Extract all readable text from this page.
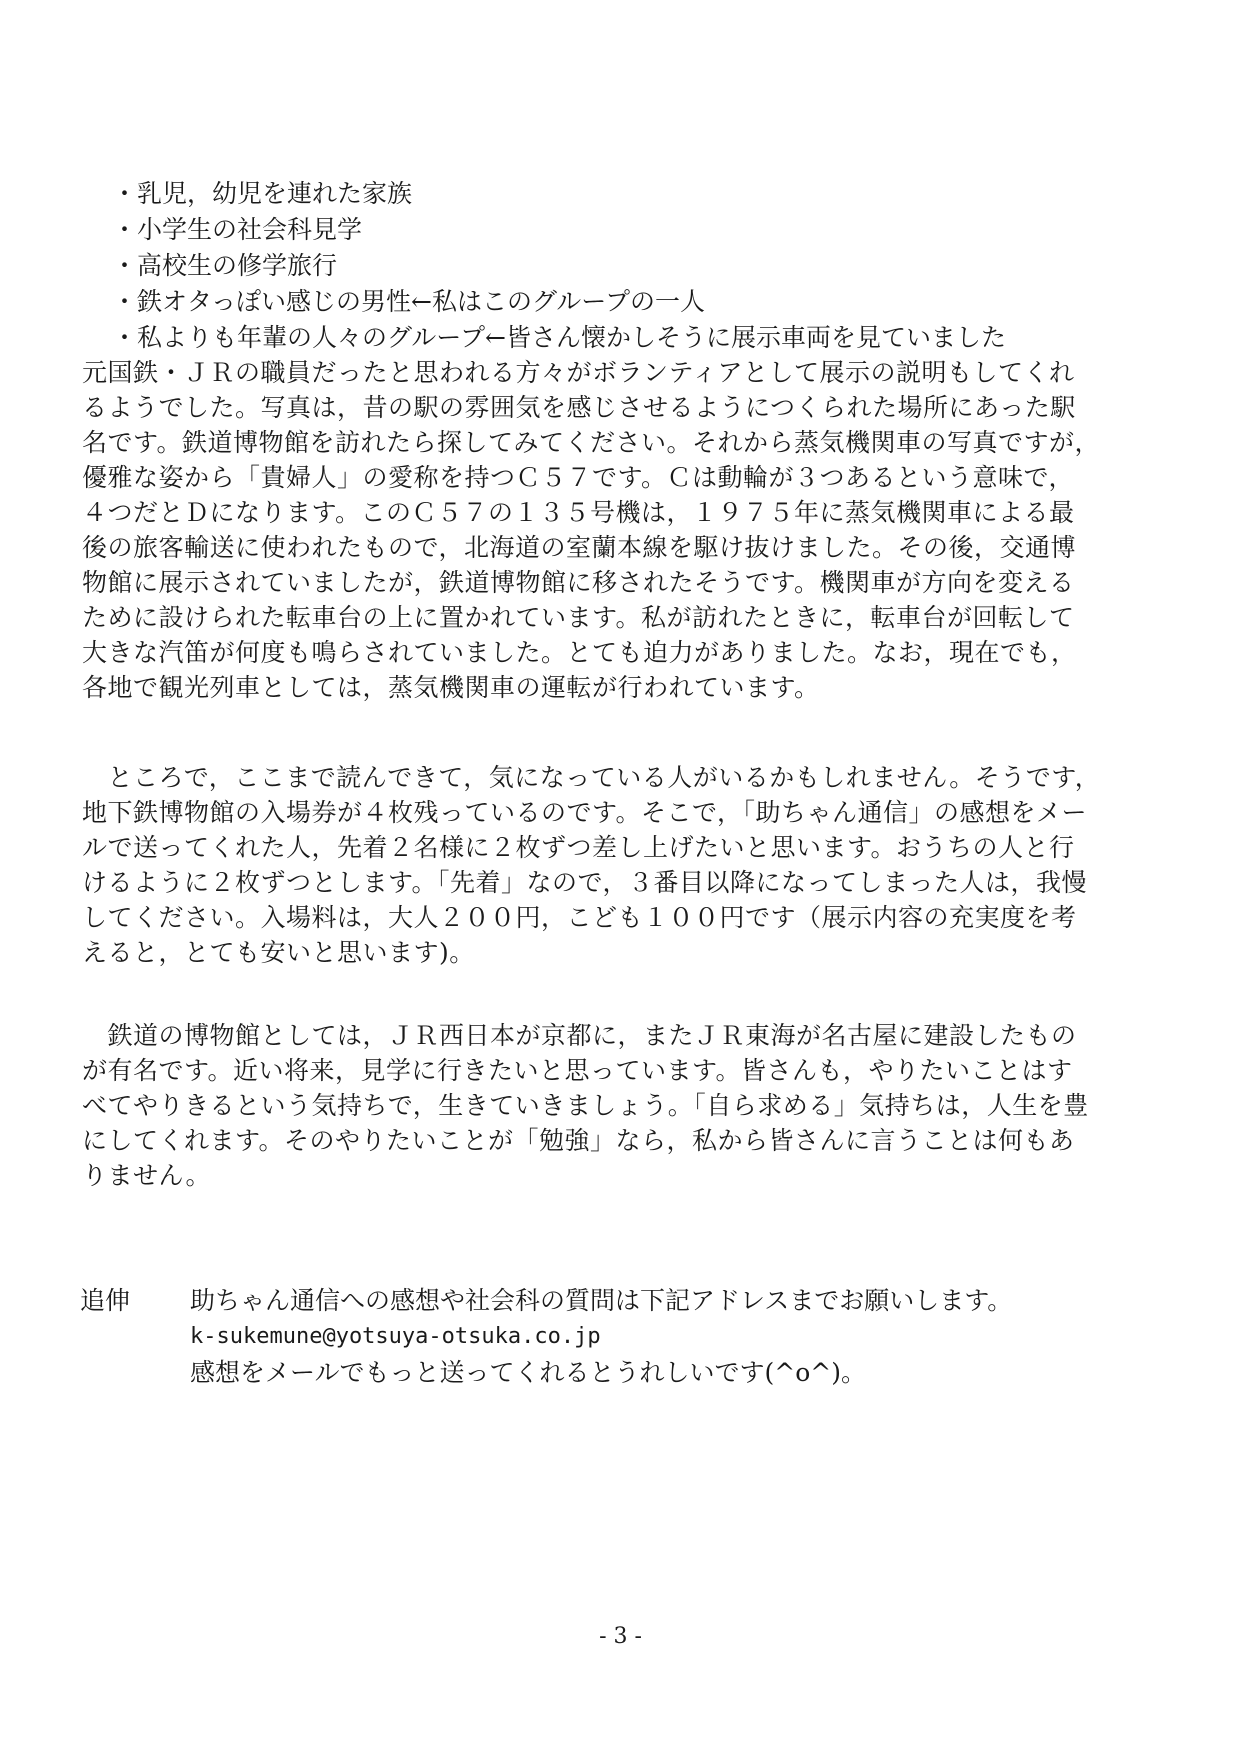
・乳児，幼児を連れた家族
・小学生の社会科見学
・高校生の修学旅行
・鉄オタっぽい感じの男性←私はこのグループの一人
・私よりも年輩の人々のグループ←皆さん懐かしそうに展示車両を見ていました
元国鉄・ＪＲの職員だったと思われる方々がボランティアとして展示の説明もしてくれ
るようでした。写真は，昔の駅の雰囲気を感じさせるようにつくられた場所にあった駅
名です。鉄道博物館を訪れたら探してみてください。それから蒸気機関車の写真ですが，
優雅な姿から「貴婦人」の愛称を持つＣ５７です。Ｃは動輪が３つあるという意味で，
４つだとＤになります。このＣ５７の１３５号機は，１９７５年に蒸気機関車による最
後の旅客輸送に使われたもので，北海道の室蘭本線を駆け抜けました。その後，交通博
物館に展示されていましたが，鉄道博物館に移されたそうです。機関車が方向を変える
ために設けられた転車台の上に置かれています。私が訪れたときに，転車台が回転して
大きな汽笛が何度も鳴らされていました。とても迫力がありました。なお，現在でも，
各地で観光列車としては，蒸気機関車の運転が行われています。
　ところで，ここまで読んできて，気になっている人がいるかもしれません。そうです，
地下鉄博物館の入場券が４枚残っているのです。そこで，「助ちゃん通信」の感想をメー
ルで送ってくれた人，先着２名様に２枚ずつ差し上げたいと思います。おうちの人と行
けるように２枚ずつとします。「先着」なので，３番目以降になってしまった人は，我慢
してください。入場料は，大人２００円，こども１００円です（展示内容の充実度を考
えると，とても安いと思います)。
　鉄道の博物館としては，ＪＲ西日本が京都に，またＪＲ東海が名古屋に建設したもの
が有名です。近い将来，見学に行きたいと思っています。皆さんも，やりたいことはす
べてやりきるという気持ちで，生きていきましょう。「自ら求める」気持ちは，人生を豊
にしてくれます。そのやりたいことが「勉強」なら，私から皆さんに言うことは何もあ
りません。
追伸 助ちゃん通信への感想や社会科の質問は下記アドレスまでお願いします。
k-sukemune@yotsuya-otsuka.co.jp
感想をメールでもっと送ってくれるとうれしいです(^o^)。
- 3 -
